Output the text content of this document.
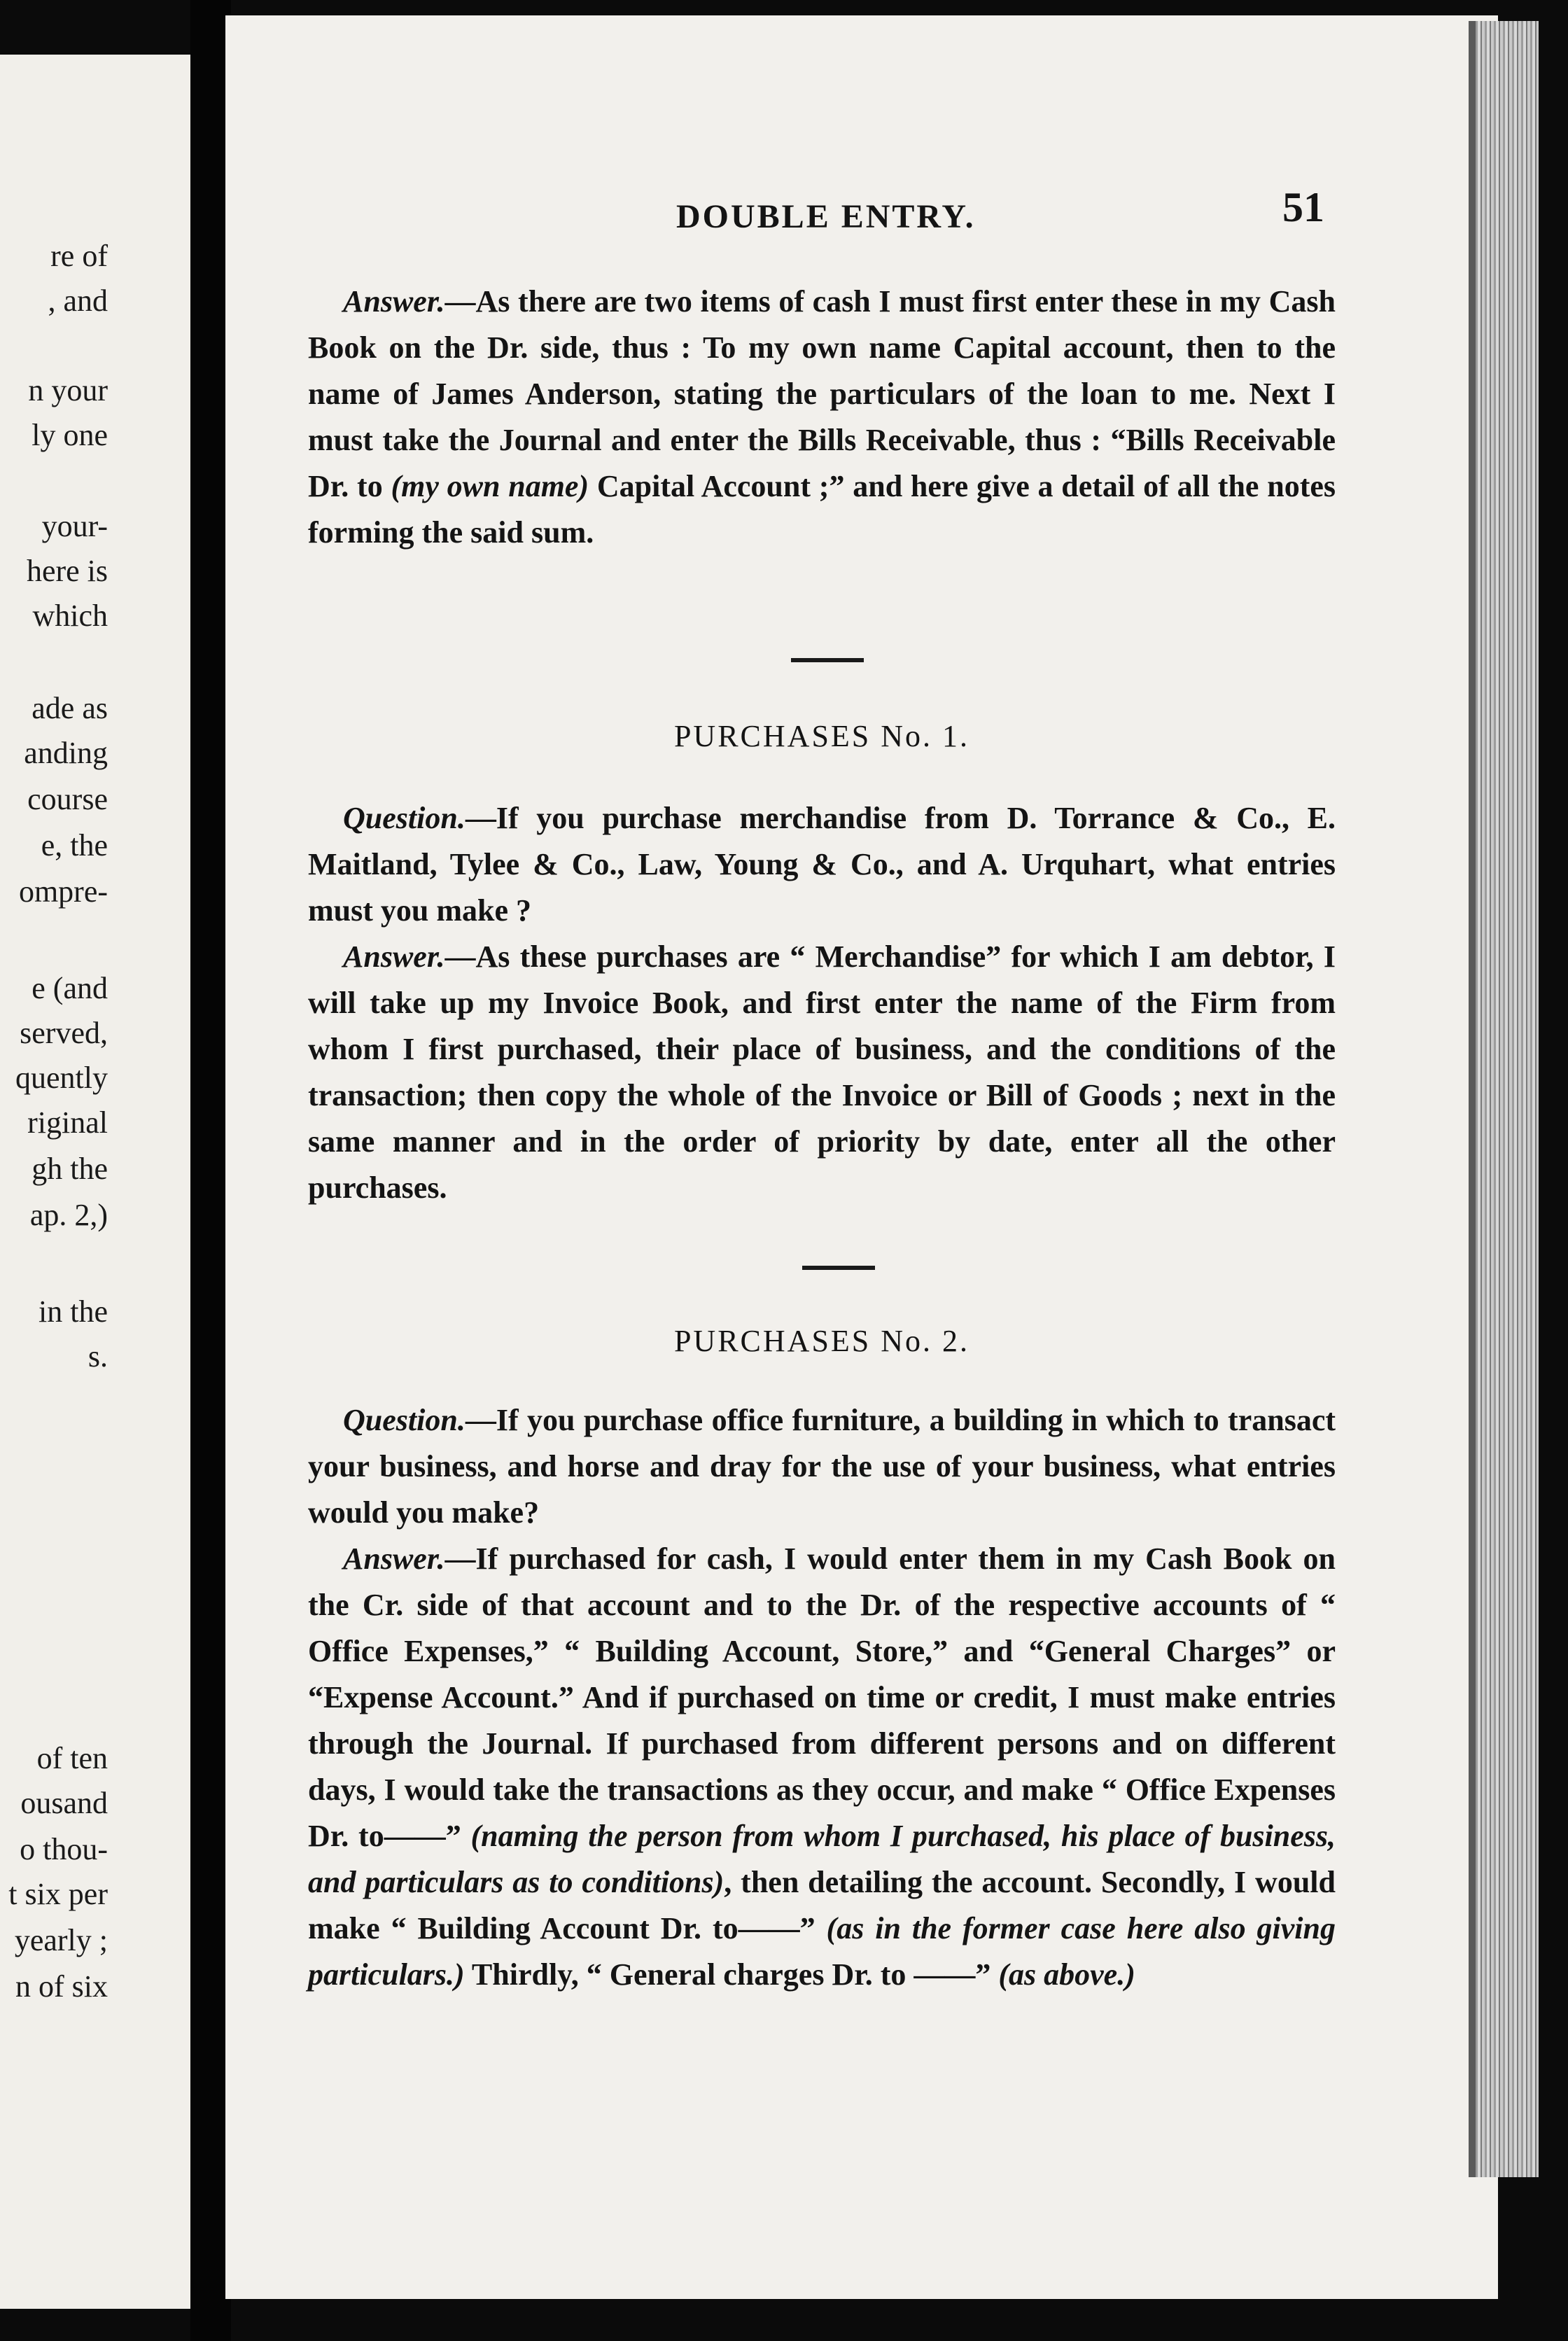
re of
, and
n your
ly one
your-
here is
which
ade as
anding
course
e, the
ompre-
e (and
served,
quently
riginal
gh the
ap. 2,)
in the
s.
of ten
ousand
o thou-
t six per
yearly ;
n of six
DOUBLE ENTRY.	51

Answer.—As there are two items of cash I must first enter these in my Cash Book on the Dr. side, thus : To my own name Capital account, then to the name of James Anderson, stating the particulars of the loan to me. Next I must take the Journal and enter the Bills Receivable, thus : “Bills Receivable Dr. to (my own name) Capital Account ;” and here give a detail of all the notes forming the said sum.

PURCHASES No. 1.

Question.—If you purchase merchandise from D. Torrance & Co., E. Maitland, Tylee & Co., Law, Young & Co., and A. Urquhart, what entries must you make ?

Answer.—As these purchases are “ Merchandise” for which I am debtor, I will take up my Invoice Book, and first enter the name of the Firm from whom I first purchased, their place of business, and the conditions of the transaction; then copy the whole of the Invoice or Bill of Goods ; next in the same manner and in the order of priority by date, enter all the other purchases.

PURCHASES No. 2.

Question.—If you purchase office furniture, a building in which to transact your business, and horse and dray for the use of your business, what entries would you make?

Answer.—If purchased for cash, I would enter them in my Cash Book on the Cr. side of that account and to the Dr. of the respective accounts of “ Office Expenses,” “ Building Account, Store,” and “General Charges” or “Expense Account.” And if purchased on time or credit, I must make entries through the Journal. If purchased from different persons and on different days, I would take the transactions as they occur, and make “ Office Expenses Dr. to——” (naming the person from whom I purchased, his place of business, and particulars as to conditions), then detailing the account. Secondly, I would make “ Building Account Dr. to——” (as in the former case here also giving particulars.) Thirdly, “ General charges Dr. to ——” (as above.)
